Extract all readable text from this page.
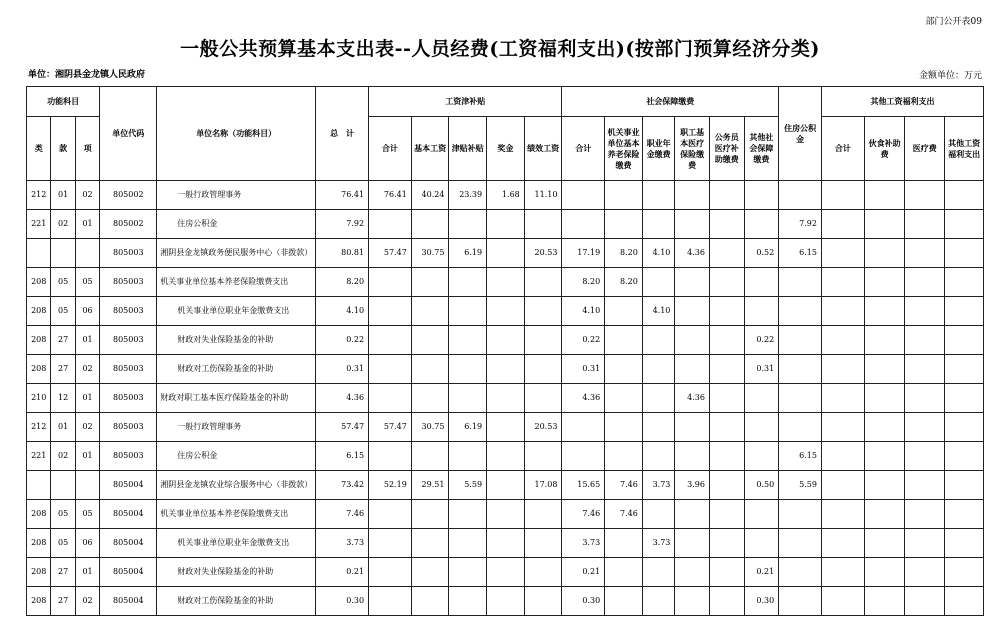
部门公开表09
一般公共预算基本支出表--人员经费(工资福利支出)(按部门预算经济分类)
单位：湘阴县金龙镇人民政府	金额单位：万元
功能科目			单位代码	单位名称（功能科目）	总　计	工资津补贴					社会保障缴费						住房公积金	其他工资福利支出			
类	款	项				合计	基本工资	津贴补贴	奖金	绩效工资	合计	机关事业单位基本养老保险缴费	职业年金缴费	职工基本医疗保险缴费	公务员医疗补助缴费	其他社会保障缴费		合计	伙食补助费	医疗费	其他工资福利支出
212	01	02	805002	一般行政管理事务	76.41	76.41	40.24	23.39	1.68	11.10											
221	02	01	805002	住房公积金	7.92												7.92				
			805003	湘阴县金龙镇政务便民服务中心（非拨款）	80.81	57.47	30.75	6.19		20.53	17.19	8.20	4.10	4.36		0.52	6.15				
208	05	05	805003	机关事业单位基本养老保险缴费支出	8.20						8.20	8.20									
208	05	06	805003	机关事业单位职业年金缴费支出	4.10						4.10		4.10								
208	27	01	805003	财政对失业保险基金的补助	0.22						0.22					0.22					
208	27	02	805003	财政对工伤保险基金的补助	0.31						0.31					0.31					
210	12	01	805003	财政对职工基本医疗保险基金的补助	4.36						4.36			4.36							
212	01	02	805003	一般行政管理事务	57.47	57.47	30.75	6.19		20.53											
221	02	01	805003	住房公积金	6.15												6.15				
			805004	湘阴县金龙镇农业综合服务中心（非拨款）	73.42	52.19	29.51	5.59		17.08	15.65	7.46	3.73	3.96		0.50	5.59				
208	05	05	805004	机关事业单位基本养老保险缴费支出	7.46						7.46	7.46									
208	05	06	805004	机关事业单位职业年金缴费支出	3.73						3.73		3.73								
208	27	01	805004	财政对失业保险基金的补助	0.21						0.21					0.21					
208	27	02	805004	财政对工伤保险基金的补助	0.30						0.30					0.30					
